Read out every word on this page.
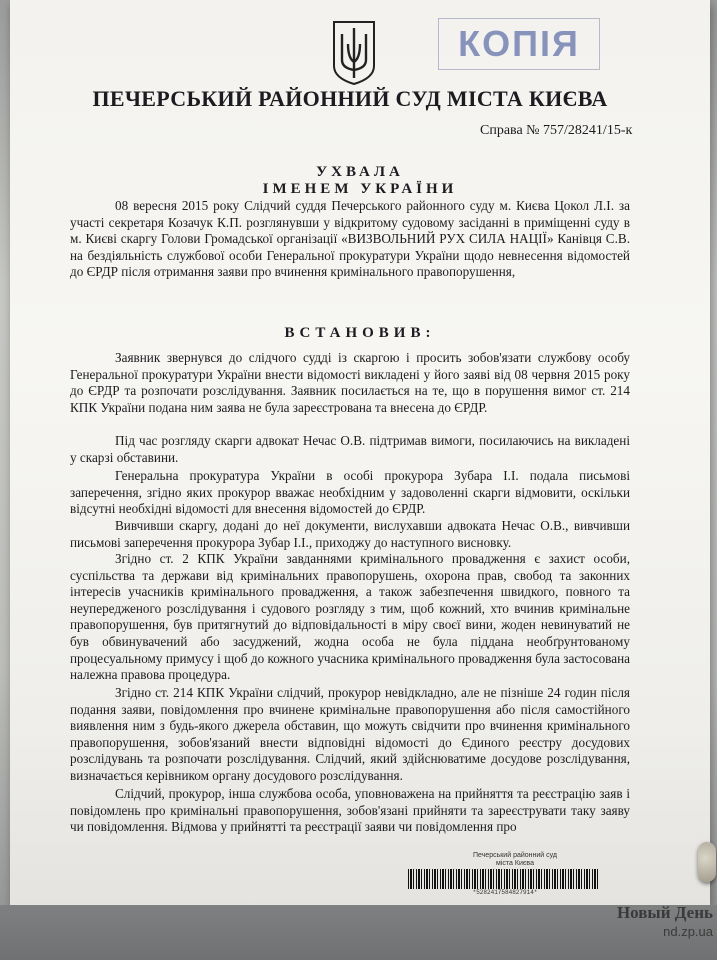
КОПІЯ
ПЕЧЕРСЬКИЙ РАЙОННИЙ СУД МІСТА КИЄВА
Справа № 757/28241/15-к
УХВАЛА
ІМЕНЕМ УКРАЇНИ

08 вересня 2015 року Слідчий суддя Печерського районного суду м. Києва Цокол Л.І. за участі секретаря Козачук К.П. розглянувши у відкритому судовому засіданні в приміщенні суду в м. Києві скаргу Голови Громадської організації «ВИЗВОЛЬНИЙ РУХ СИЛА НАЦІЇ» Канівця С.В. на бездіяльність службової особи Генеральної прокуратури України щодо невнесення відомостей до ЄРДР після отримання заяви про вчинення кримінального правопорушення,

ВСТАНОВИВ:

Заявник звернувся до слідчого судді із скаргою і просить зобов'язати службову особу Генеральної прокуратури України внести відомості викладені у його заяві від 08 червня 2015 року до ЄРДР та розпочати розслідування. Заявник посилається на те, що в порушення вимог ст. 214 КПК України подана ним заява не була зареєстрована та внесена до ЄРДР.

Під час розгляду скарги адвокат Нечас О.В. підтримав вимоги, посилаючись на викладені у скарзі обставини.

Генеральна прокуратура України в особі прокурора Зубара І.І. подала письмові заперечення, згідно яких прокурор вважає необхідним у задоволенні скарги відмовити, оскільки відсутні необхідні відомості для внесення відомостей до ЄРДР.

Вивчивши скаргу, додані до неї документи, вислухавши адвоката Нечас О.В., вивчивши письмові заперечення прокурора Зубар І.І., приходжу до наступного висновку.

Згідно ст. 2 КПК України завданнями кримінального провадження є захист особи, суспільства та держави від кримінальних правопорушень, охорона прав, свобод та законних інтересів учасників кримінального провадження, а також забезпечення швидкого, повного та неупередженого розслідування і судового розгляду з тим, щоб кожний, хто вчинив кримінальне правопорушення, був притягнутий до відповідальності в міру своєї вини, жоден невинуватий не був обвинувачений або засуджений, жодна особа не була піддана необґрунтованому процесуальному примусу і щоб до кожного учасника кримінального провадження була застосована належна правова процедура.

Згідно ст. 214 КПК України слідчий, прокурор невідкладно, але не пізніше 24 годин після подання заяви, повідомлення про вчинене кримінальне правопорушення або після самостійного виявлення ним з будь-якого джерела обставин, що можуть свідчити про вчинення кримінального правопорушення, зобов'язаний внести відповідні відомості до Єдиного реєстру досудових розслідувань та розпочати розслідування. Слідчий, який здійснюватиме досудове розслідування, визначається керівником органу досудового розслідування.

Слідчий, прокурор, інша службова особа, уповноважена на прийняття та реєстрацію заяв і повідомлень про кримінальні правопорушення, зобов'язані прийняти та зареєструвати таку заяву чи повідомлення. Відмова у прийнятті та реєстрації заяви чи повідомлення про

Печерський районний суд
міста Києва
*5282417584827914*
Новый День
nd.zp.ua
